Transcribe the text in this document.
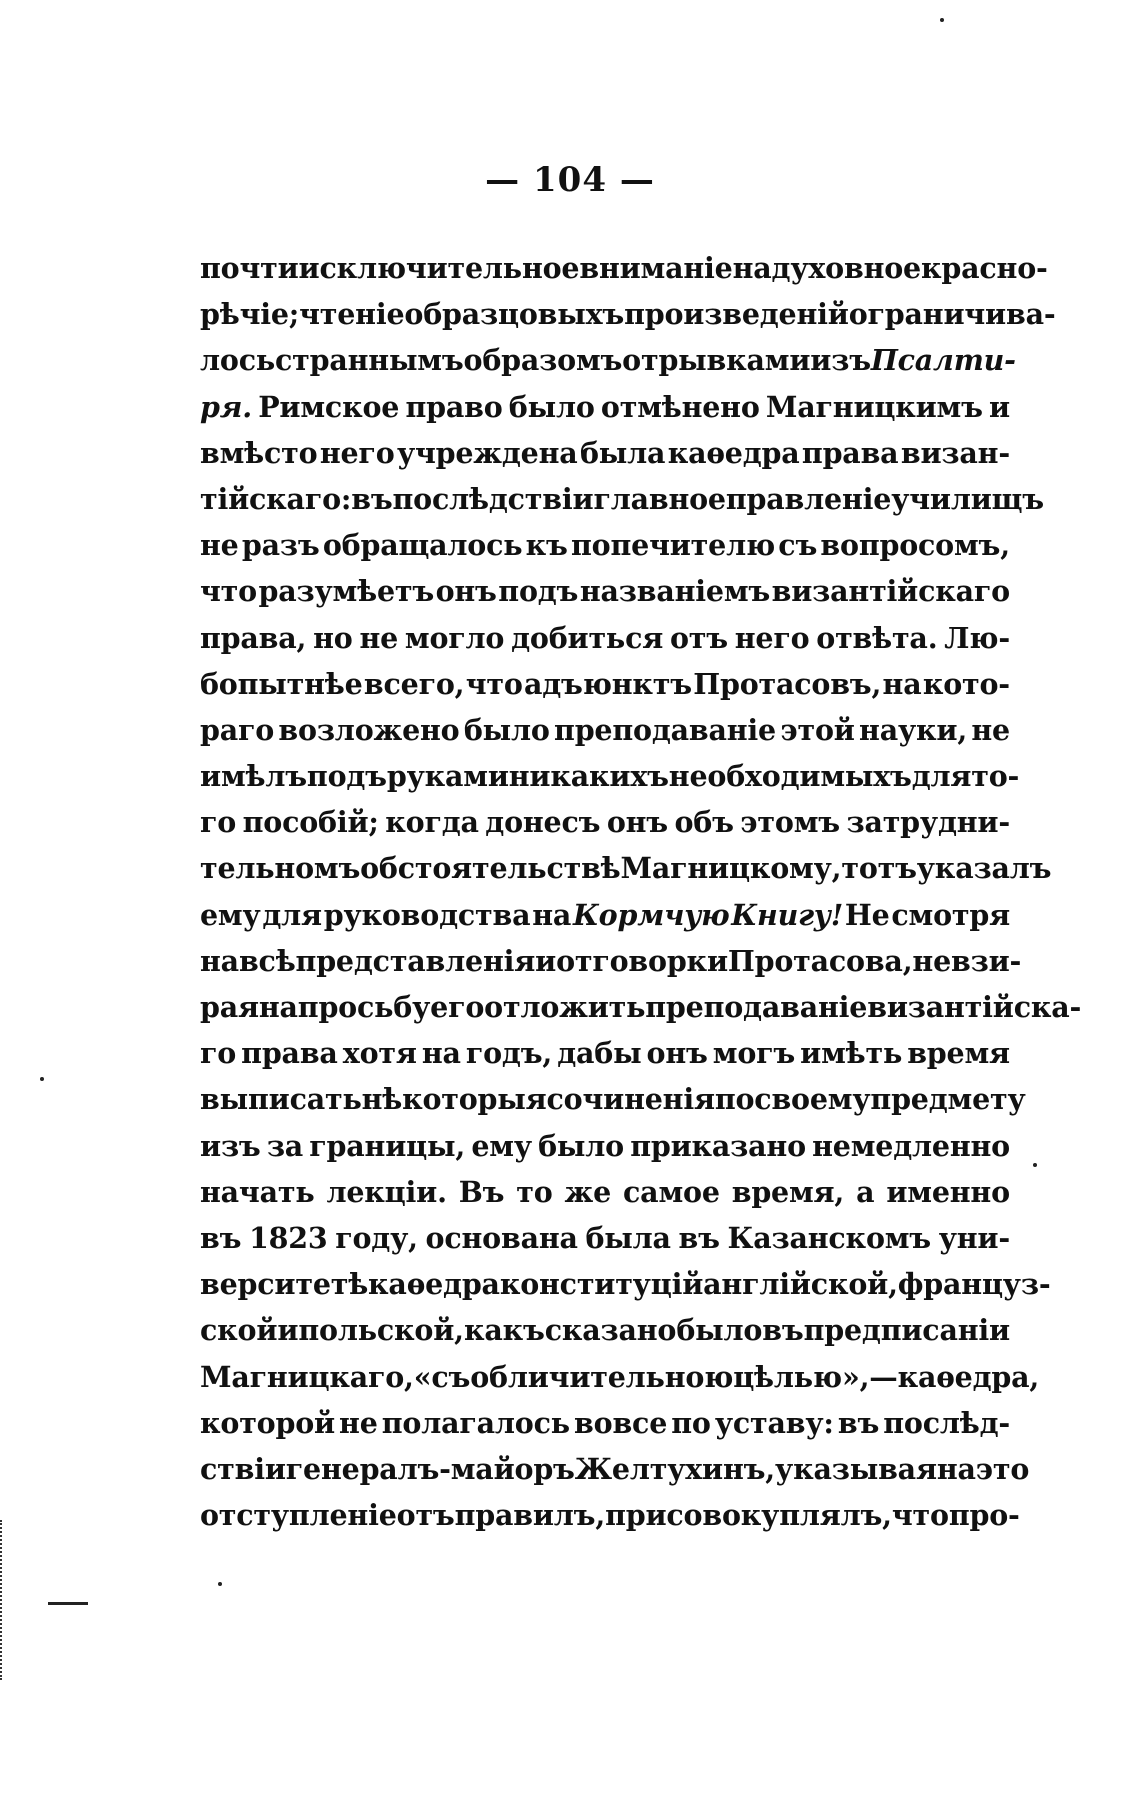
— 104 —
почти исключительное вниманіе на духовное красно-
рѣчіе; чтеніе образцовыхъ произведеній ограничива-
лось страннымъ образомъ отрывками изъ Псалти-
ря. Римское право было отмѣнено Магницкимъ и
вмѣсто него учреждена была каѳедра права визан-
тійскаго: въ послѣдствіи главное правленіе училищъ
не разъ обращалось къ попечителю съ вопросомъ,
что разумѣетъ онъ подъ названіемъ византійскаго
права, но не могло добиться отъ него отвѣта. Лю-
бопытнѣе всего, что адъюнктъ Протасовъ, на кото-
раго возложено было преподаваніе этой науки, не
имѣлъ подъ руками никакихъ необходимыхъ для то-
го пособій; когда донесъ онъ объ этомъ затрудни-
тельномъ обстоятельствѣ Магницкому, тотъ указалъ
ему для руководства на Кормчую Книгу! Не смотря
на всѣ представленія и отговорки Протасова, не взи-
рая на просьбу его отложить преподаваніе византійска-
го права хотя на годъ, дабы онъ могъ имѣть время
выписать нѣкоторыя сочиненія по своему предмету
изъ за границы, ему было приказано немедленно
начать лекціи. Въ то же самое время, а именно
въ 1823 году, основана была въ Казанскомъ уни-
верситетѣ каѳедра конституцій англійской, француз-
ской и польской, какъ сказано было въ предписаніи
Магницкаго, «съ обличительною цѣлью»,—каѳедра,
которой не полагалось вовсе по уставу: въ послѣд-
ствіи генералъ-майоръ Желтухинъ, указывая на это
отступленіе отъ правилъ, присовокуплялъ, что про-
